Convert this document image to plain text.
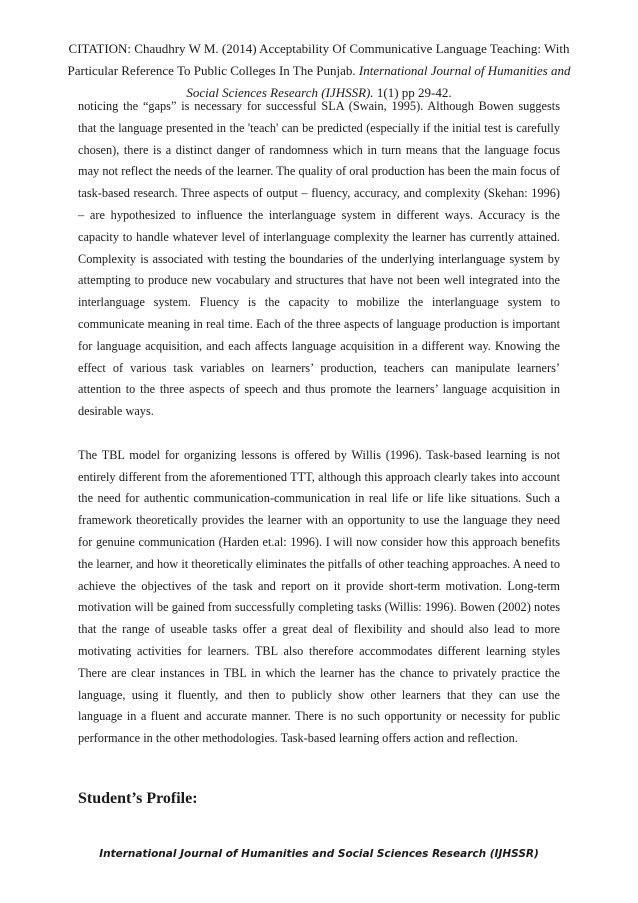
CITATION: Chaudhry W M. (2014) Acceptability Of Communicative Language Teaching: With Particular Reference To Public Colleges In The Punjab. International Journal of Humanities and Social Sciences Research (IJHSSR). 1(1) pp 29-42.

noticing the “gaps” is necessary for successful SLA (Swain, 1995). Although Bowen suggests that the language presented in the 'teach' can be predicted (especially if the initial test is carefully chosen), there is a distinct danger of randomness which in turn means that the language focus may not reflect the needs of the learner. The quality of oral production has been the main focus of task-based research. Three aspects of output – fluency, accuracy, and complexity (Skehan: 1996) – are hypothesized to influence the interlanguage system in different ways. Accuracy is the capacity to handle whatever level of interlanguage complexity the learner has currently attained. Complexity is associated with testing the boundaries of the underlying interlanguage system by attempting to produce new vocabulary and structures that have not been well integrated into the interlanguage system. Fluency is the capacity to mobilize the interlanguage system to communicate meaning in real time. Each of the three aspects of language production is important for language acquisition, and each affects language acquisition in a different way. Knowing the effect of various task variables on learners’ production, teachers can manipulate learners’ attention to the three aspects of speech and thus promote the learners’ language acquisition in desirable ways.

The TBL model for organizing lessons is offered by Willis (1996). Task-based learning is not entirely different from the aforementioned TTT, although this approach clearly takes into account the need for authentic communication-communication in real life or life like situations. Such a framework theoretically provides the learner with an opportunity to use the language they need for genuine communication (Harden et.al: 1996). I will now consider how this approach benefits the learner, and how it theoretically eliminates the pitfalls of other teaching approaches. A need to achieve the objectives of the task and report on it provide short-term motivation. Long-term motivation will be gained from successfully completing tasks (Willis: 1996). Bowen (2002) notes that the range of useable tasks offer a great deal of flexibility and should also lead to more motivating activities for learners. TBL also therefore accommodates different learning styles There are clear instances in TBL in which the learner has the chance to privately practice the language, using it fluently, and then to publicly show other learners that they can use the language in a fluent and accurate manner. There is no such opportunity or necessity for public performance in the other methodologies. Task-based learning offers action and reflection.

Student’s Profile:
International Journal of Humanities and Social Sciences Research (IJHSSR)
